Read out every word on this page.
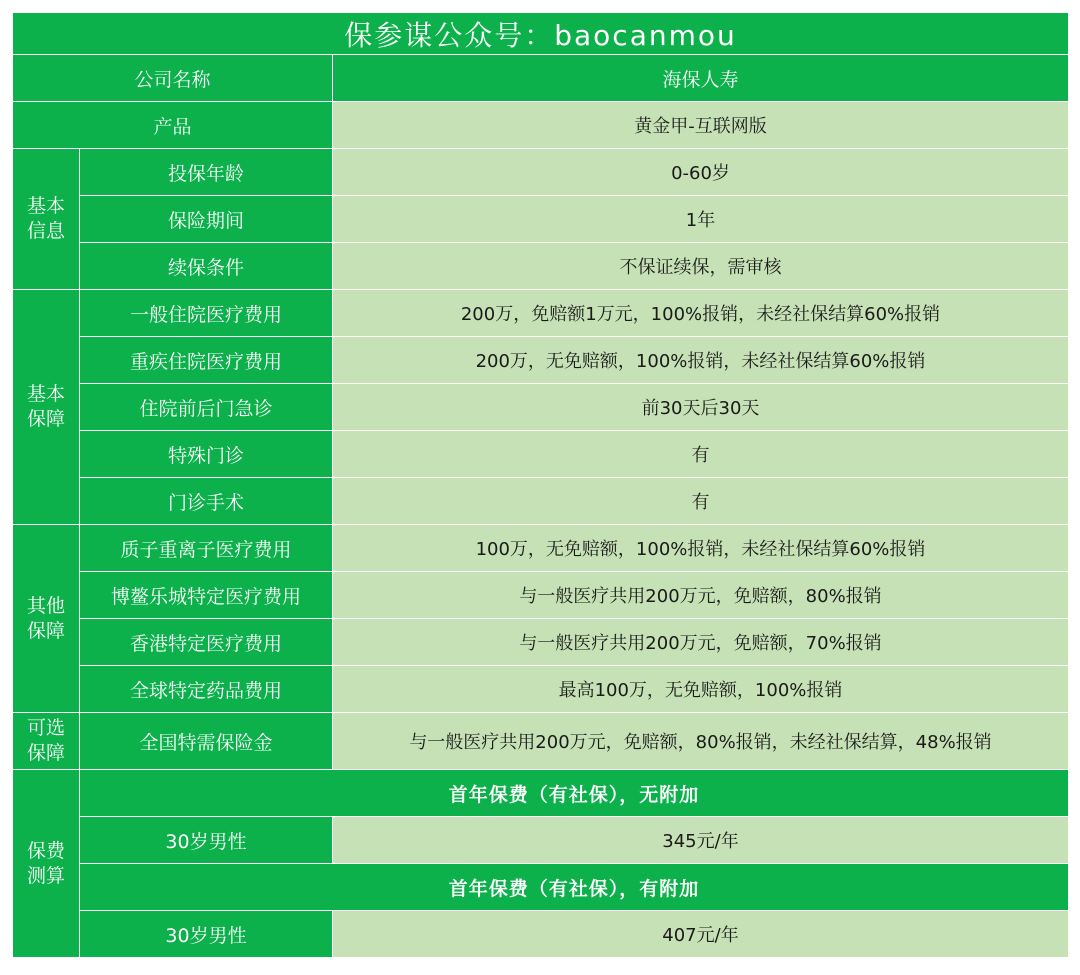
保参谋公众号：baocanmou		
公司名称		海保人寿
产品		黄金甲-互联网版
基本
信息	投保年龄	0-60岁
	保险期间	1年
	续保条件	不保证续保，需审核
基本
保障	一般住院医疗费用	200万，免赔额1万元，100%报销，未经社保结算60%报销
	重疾住院医疗费用	200万，无免赔额，100%报销，未经社保结算60%报销
	住院前后门急诊	前30天后30天
	特殊门诊	有
	门诊手术	有
其他
保障	质子重离子医疗费用	100万，无免赔额，100%报销，未经社保结算60%报销
	博鳌乐城特定医疗费用	与一般医疗共用200万元，免赔额，80%报销
	香港特定医疗费用	与一般医疗共用200万元，免赔额，70%报销
	全球特定药品费用	最高100万，无免赔额，100%报销
可选
保障	全国特需保险金	与一般医疗共用200万元，免赔额，80%报销，未经社保结算，48%报销
保费
测算	首年保费（有社保），无附加	
	30岁男性	345元/年
	首年保费（有社保），有附加	
	30岁男性	407元/年
